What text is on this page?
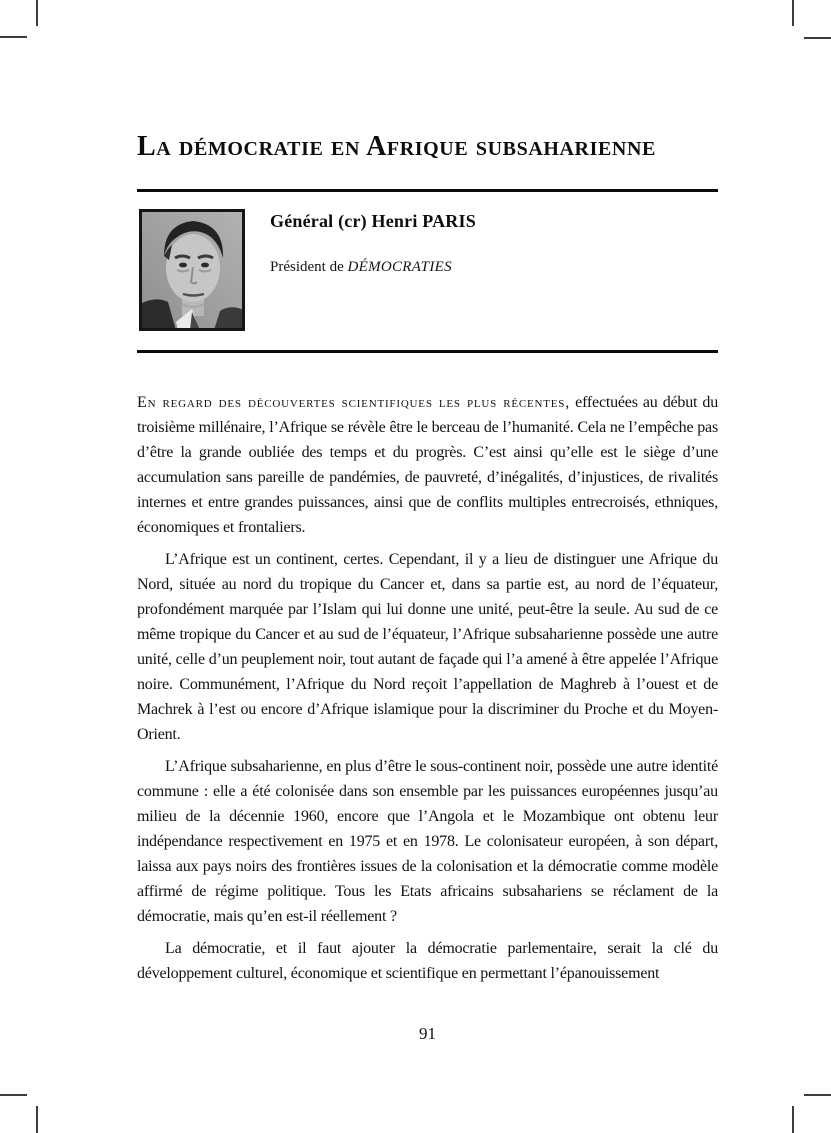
La démocratie en Afrique subsaharienne
Général (cr) Henri PARIS
Président de DÉMOCRATIES

En regard des découvertes scientifiques les plus récentes, effectuées au début du troisième millénaire, l’Afrique se révèle être le berceau de l’humanité. Cela ne l’empêche pas d’être la grande oubliée des temps et du progrès. C’est ainsi qu’elle est le siège d’une accumulation sans pareille de pandémies, de pauvreté, d’inégalités, d’injustices, de rivalités internes et entre grandes puissances, ainsi que de conflits multiples entrecroisés, ethniques, économiques et frontaliers.

L’Afrique est un continent, certes. Cependant, il y a lieu de distinguer une Afrique du Nord, située au nord du tropique du Cancer et, dans sa partie est, au nord de l’équateur, profondément marquée par l’Islam qui lui donne une unité, peut-être la seule. Au sud de ce même tropique du Cancer et au sud de l’équateur, l’Afrique subsaharienne possède une autre unité, celle d’un peuplement noir, tout autant de façade qui l’a amené à être appelée l’Afrique noire. Communément, l’Afrique du Nord reçoit l’appellation de Maghreb à l’ouest et de Machrek à l’est ou encore d’Afrique islamique pour la discriminer du Proche et du Moyen-Orient.

L’Afrique subsaharienne, en plus d’être le sous-continent noir, possède une autre identité commune : elle a été colonisée dans son ensemble par les puissances européennes jusqu’au milieu de la décennie 1960, encore que l’Angola et le Mozambique ont obtenu leur indépendance respectivement en 1975 et en 1978. Le colonisateur européen, à son départ, laissa aux pays noirs des frontières issues de la colonisation et la démocratie comme modèle affirmé de régime politique. Tous les Etats africains subsahariens se réclament de la démocratie, mais qu’en est-il réellement ?

La démocratie, et il faut ajouter la démocratie parlementaire, serait la clé du développement culturel, économique et scientifique en permettant l’épanouissement

91
